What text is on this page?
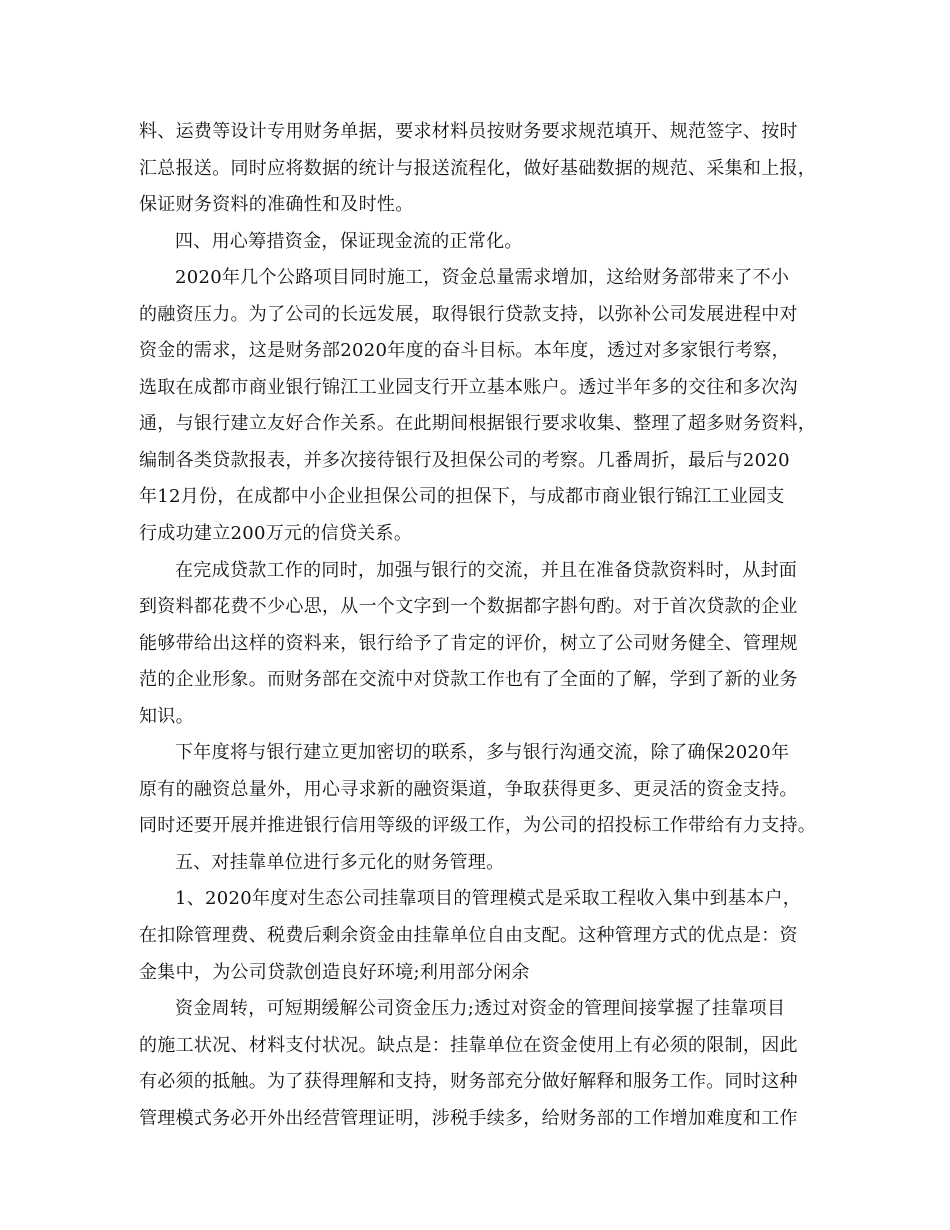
料、运费等设计专用财务单据，要求材料员按财务要求规范填开、规范签字、按时
汇总报送。同时应将数据的统计与报送流程化，做好基础数据的规范、采集和上报，
保证财务资料的准确性和及时性。
四、用心筹措资金，保证现金流的正常化。
2020年几个公路项目同时施工，资金总量需求增加，这给财务部带来了不小
的融资压力。为了公司的长远发展，取得银行贷款支持，以弥补公司发展进程中对
资金的需求，这是财务部2020年度的奋斗目标。本年度，透过对多家银行考察，
选取在成都市商业银行锦江工业园支行开立基本账户。透过半年多的交往和多次沟
通，与银行建立友好合作关系。在此期间根据银行要求收集、整理了超多财务资料，
编制各类贷款报表，并多次接待银行及担保公司的考察。几番周折，最后与2020
年12月份，在成都中小企业担保公司的担保下，与成都市商业银行锦江工业园支
行成功建立200万元的信贷关系。
在完成贷款工作的同时，加强与银行的交流，并且在准备贷款资料时，从封面
到资料都花费不少心思，从一个文字到一个数据都字斟句酌。对于首次贷款的企业
能够带给出这样的资料来，银行给予了肯定的评价，树立了公司财务健全、管理规
范的企业形象。而财务部在交流中对贷款工作也有了全面的了解，学到了新的业务
知识。
下年度将与银行建立更加密切的联系，多与银行沟通交流，除了确保2020年
原有的融资总量外，用心寻求新的融资渠道，争取获得更多、更灵活的资金支持。
同时还要开展并推进银行信用等级的评级工作，为公司的招投标工作带给有力支持。
五、对挂靠单位进行多元化的财务管理。
1、2020年度对生态公司挂靠项目的管理模式是采取工程收入集中到基本户，
在扣除管理费、税费后剩余资金由挂靠单位自由支配。这种管理方式的优点是：资
金集中，为公司贷款创造良好环境;利用部分闲余
资金周转，可短期缓解公司资金压力;透过对资金的管理间接掌握了挂靠项目
的施工状况、材料支付状况。缺点是：挂靠单位在资金使用上有必须的限制，因此
有必须的抵触。为了获得理解和支持，财务部充分做好解释和服务工作。同时这种
管理模式务必开外出经营管理证明，涉税手续多，给财务部的工作增加难度和工作
